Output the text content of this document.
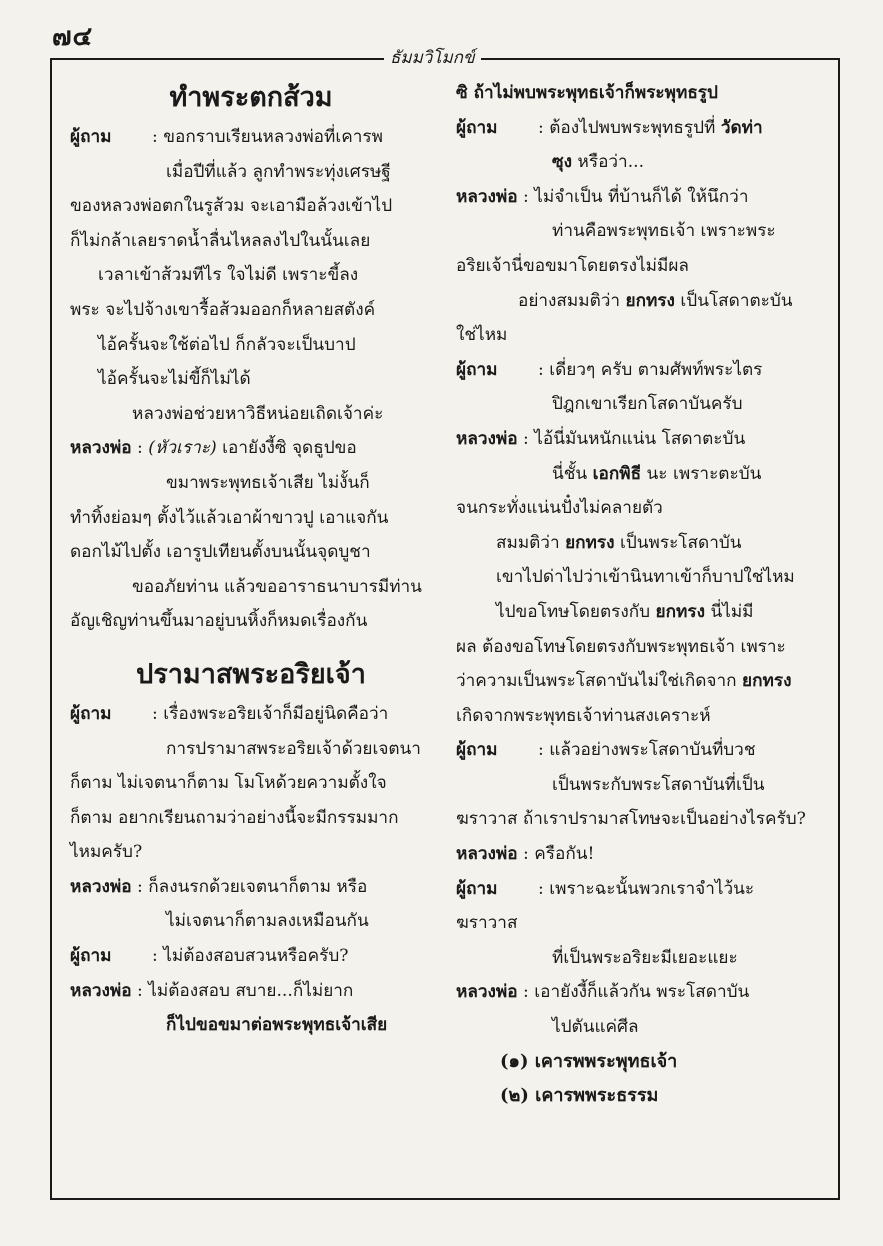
๗๔
ธัมมวิโมกข์

ทำพระตกส้วม

ผู้ถาม : ขอกราบเรียนหลวงพ่อที่เคารพ

เมื่อปีที่แล้ว ลูกทำพระทุ่งเศรษฐี

ของหลวงพ่อตกในรูส้วม จะเอามือล้วงเข้าไป

ก็ไม่กล้าเลยราดน้ำลื่นไหลลงไปในนั้นเลย

เวลาเข้าส้วมทีไร ใจไม่ดี เพราะขี้ลง

พระ จะไปจ้างเขารื้อส้วมออกก็หลายสตังค์

ไอ้ครั้นจะใช้ต่อไป ก็กลัวจะเป็นบาป

ไอ้ครั้นจะไม่ขี้ก็ไม่ได้

หลวงพ่อช่วยหาวิธีหน่อยเถิดเจ้าค่ะ

หลวงพ่อ : (หัวเราะ) เอายังงี้ซิ จุดธูปขอ

ขมาพระพุทธเจ้าเสีย ไม่งั้นก็

ทำทิ้งย่อมๆ ตั้งไว้แล้วเอาผ้าขาวปู เอาแจกัน

ดอกไม้ไปตั้ง เอารูปเทียนตั้งบนนั้นจุดบูชา

ขออภัยท่าน แล้วขออาราธนาบารมีท่าน

อัญเชิญท่านขึ้นมาอยู่บนหิ้งก็หมดเรื่องกัน

ปรามาสพระอริยเจ้า

ผู้ถาม : เรื่องพระอริยเจ้าก็มีอยู่นิดคือว่า

การปรามาสพระอริยเจ้าด้วยเจตนา

ก็ตาม ไม่เจตนาก็ตาม โมโหด้วยความตั้งใจ

ก็ตาม อยากเรียนถามว่าอย่างนี้จะมีกรรมมาก

ไหมครับ?

หลวงพ่อ : ก็ลงนรกด้วยเจตนาก็ตาม หรือ

ไม่เจตนาก็ตามลงเหมือนกัน

ผู้ถาม : ไม่ต้องสอบสวนหรือครับ?

หลวงพ่อ : ไม่ต้องสอบ สบาย...ก็ไม่ยาก

ก็ไปขอขมาต่อพระพุทธเจ้าเสีย

ซิ ถ้าไม่พบพระพุทธเจ้าก็พระพุทธรูป

ผู้ถาม : ต้องไปพบพระพุทธรูปที่ วัดท่า

ซุง หรือว่า...

หลวงพ่อ : ไม่จำเป็น ที่บ้านก็ได้ ให้นึกว่า

ท่านคือพระพุทธเจ้า เพราะพระ

อริยเจ้านี่ขอขมาโดยตรงไม่มีผล

อย่างสมมติว่า ยกทรง เป็นโสดาตะบัน

ใช่ไหม

ผู้ถาม : เดี่ยวๆ ครับ ตามศัพท์พระไตร

ปิฎกเขาเรียกโสดาบันครับ

หลวงพ่อ : ไอ้นี่มันหนักแน่น โสดาตะบัน

นี่ชั้น เอกพิธี นะ เพราะตะบัน

จนกระทั่งแน่นปั๋งไม่คลายตัว

สมมติว่า ยกทรง เป็นพระโสดาบัน

เขาไปด่าไปว่าเข้านินทาเข้าก็บาปใช่ไหม

ไปขอโทษโดยตรงกับ ยกทรง นี่ไม่มี

ผล ต้องขอโทษโดยตรงกับพระพุทธเจ้า เพราะ

ว่าความเป็นพระโสดาบันไม่ใช่เกิดจาก ยกทรง

เกิดจากพระพุทธเจ้าท่านสงเคราะห์

ผู้ถาม : แล้วอย่างพระโสดาบันที่บวช

เป็นพระกับพระโสดาบันที่เป็น

ฆราวาส ถ้าเราปรามาสโทษจะเป็นอย่างไรครับ?

หลวงพ่อ : ครือกัน!

ผู้ถาม : เพราะฉะนั้นพวกเราจำไว้นะ ฆราวาส

ที่เป็นพระอริยะมีเยอะแยะ

หลวงพ่อ : เอายังงี้ก็แล้วกัน พระโสดาบัน

ไปตันแค่ศีล

(๑) เคารพพระพุทธเจ้า

(๒) เคารพพระธรรม
